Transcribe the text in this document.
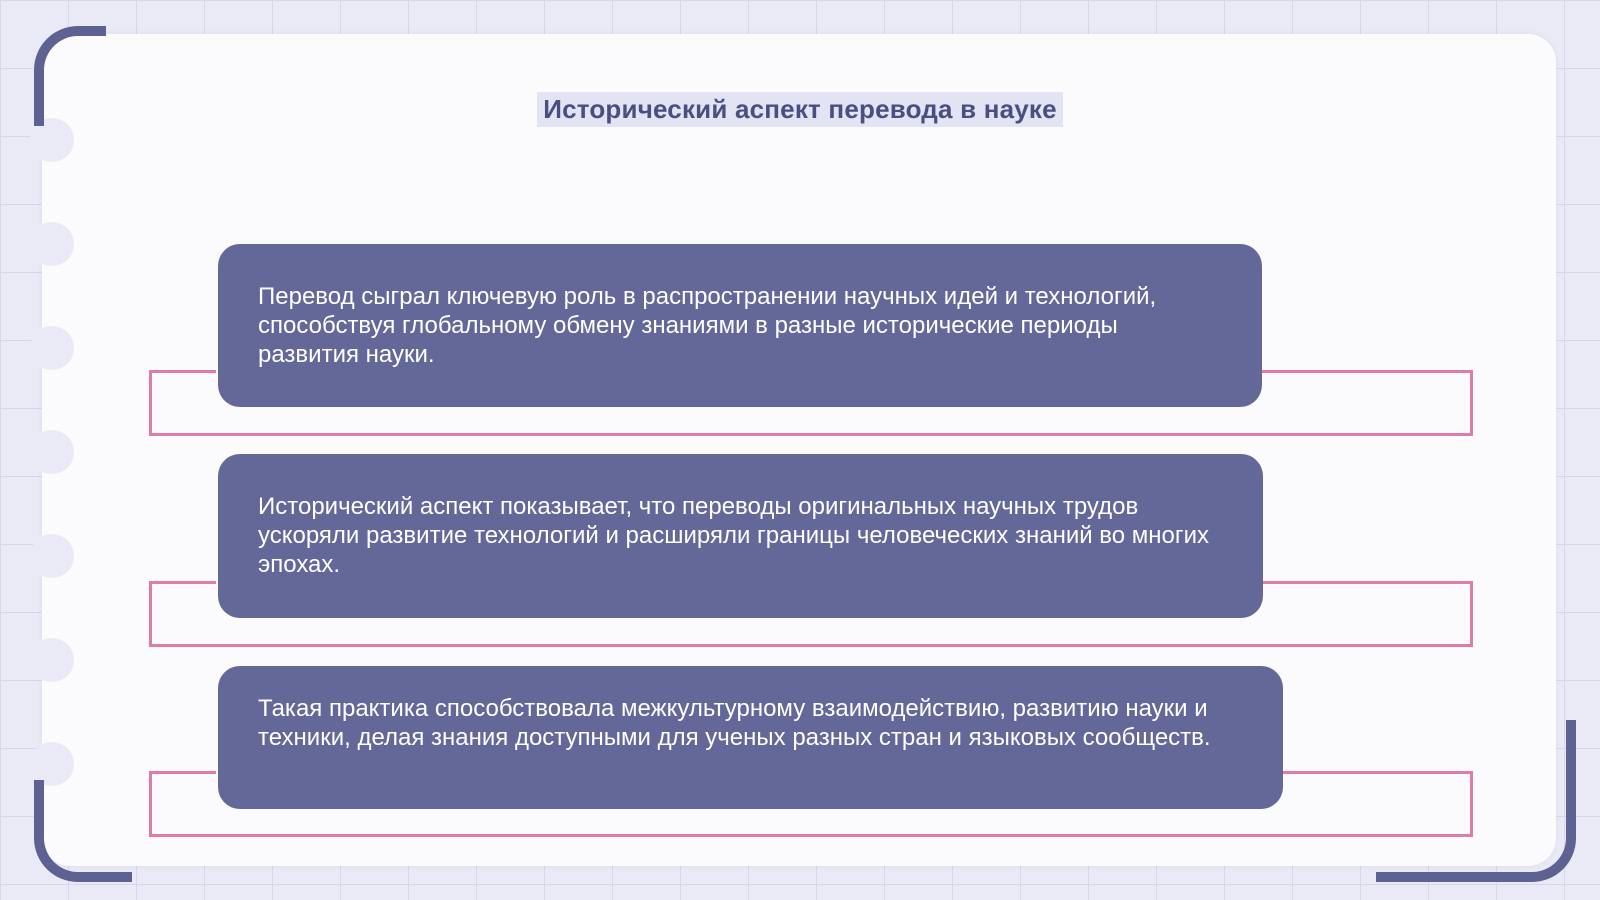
Исторический аспект перевода в науке

Перевод сыграл ключевую роль в распространении научных идей и технологий, способствуя глобальному обмену знаниями в разные исторические периоды развития науки.

Исторический аспект показывает, что переводы оригинальных научных трудов ускоряли развитие технологий и расширяли границы человеческих знаний во многих эпохах.

Такая практика способствовала межкультурному взаимодействию, развитию науки и техники, делая знания доступными для ученых разных стран и языковых сообществ.
